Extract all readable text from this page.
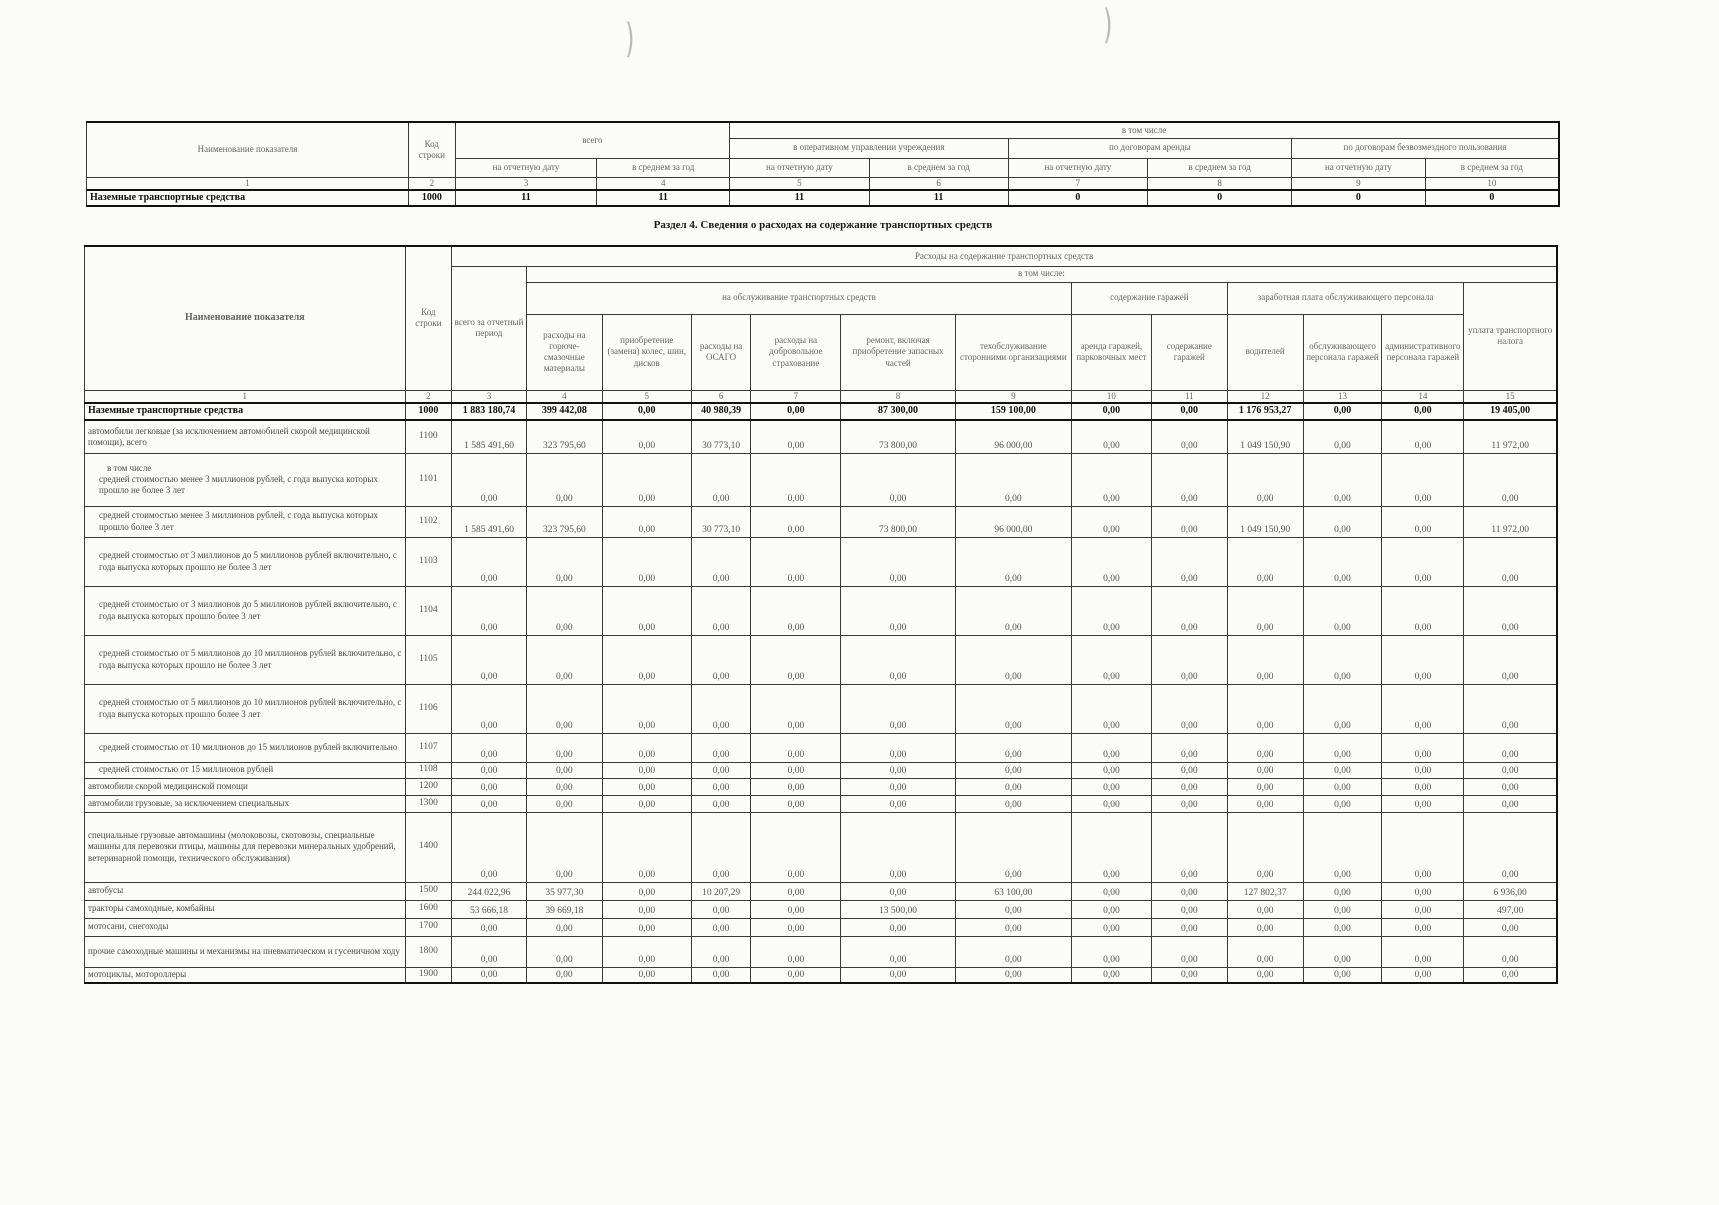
)	)
Наименование показателя	Код строки	всего		в том числе					
				в оперативном управлении учреждения		по договорам аренды		по договорам безвозмездного пользования	
		на отчетную дату	в среднем за год	на отчетную дату	в среднем за год	на отчетную дату	в среднем за год	на отчетную дату	в среднем за год
1	2	3	4	5	6	7	8	9	10
Наземные транспортные средства	1000	11	11	11	11	0	0	0	0
Раздел 4. Сведения о расходах на содержание транспортных средств
Наименование показателя	Код строки	Расходы на содержание транспортных средств												
		всего за отчетный период	в том числе:											
			на обслуживание транспортных средств						содержание гаражей		заработная плата обслуживающего персонала			уплата транспортного налога
			расходы на горюче-смазочные материалы	приобретение (замена) колес, шин, дисков	расходы на ОСАГО	расходы на добровольное страхование	ремонт, включая приобретение запасных частей	техобслуживание сторонними организациями	аренда гаражей, парковочных мест	содержание гаражей	водителей	обслуживающего персонала гаражей	административного персонала гаражей	
1	2	3	4	5	6	7	8	9	10	11	12	13	14	15
Наземные транспортные средства	1000	1 883 180,74	399 442,08	0,00	40 980,39	0,00	87 300,00	159 100,00	0,00	0,00	1 176 953,27	0,00	0,00	19 405,00
автомобили легковые (за исключением автомобилей скорой медицинской помощи), всего	1100	1 585 491,60	323 795,60	0,00	30 773,10	0,00	73 800,00	96 000,00	0,00	0,00	1 049 150,90	0,00	0,00	11 972,00

в том числе
средней стоимостью менее 3 миллионов рублей, с года выпуска которых прошло не более 3 лет	1101	0,00	0,00	0,00	0,00	0,00	0,00	0,00	0,00	0,00	0,00	0,00	0,00	0,00
средней стоимостью менее 3 миллионов рублей, с года выпуска которых прошло более 3 лет	1102	1 585 491,60	323 795,60	0,00	30 773,10	0,00	73 800,00	96 000,00	0,00	0,00	1 049 150,90	0,00	0,00	11 972,00
средней стоимостью от 3 миллионов до 5 миллионов рублей включительно, с года выпуска которых прошло не более 3 лет	1103	0,00	0,00	0,00	0,00	0,00	0,00	0,00	0,00	0,00	0,00	0,00	0,00	0,00
средней стоимостью от 3 миллионов до 5 миллионов рублей включительно, с года выпуска которых прошло более 3 лет	1104	0,00	0,00	0,00	0,00	0,00	0,00	0,00	0,00	0,00	0,00	0,00	0,00	0,00
средней стоимостью от 5 миллионов до 10 миллионов рублей включительно, с года выпуска которых прошло не более 3 лет	1105	0,00	0,00	0,00	0,00	0,00	0,00	0,00	0,00	0,00	0,00	0,00	0,00	0,00
средней стоимостью от 5 миллионов до 10 миллионов рублей включительно, с года выпуска которых прошло более 3 лет	1106	0,00	0,00	0,00	0,00	0,00	0,00	0,00	0,00	0,00	0,00	0,00	0,00	0,00
средней стоимостью от 10 миллионов до 15 миллионов рублей включительно	1107	0,00	0,00	0,00	0,00	0,00	0,00	0,00	0,00	0,00	0,00	0,00	0,00	0,00
средней стоимостью от 15 миллионов рублей	1108	0,00	0,00	0,00	0,00	0,00	0,00	0,00	0,00	0,00	0,00	0,00	0,00	0,00
автомобили скорой медицинской помощи	1200	0,00	0,00	0,00	0,00	0,00	0,00	0,00	0,00	0,00	0,00	0,00	0,00	0,00
автомобили грузовые, за исключением специальных	1300	0,00	0,00	0,00	0,00	0,00	0,00	0,00	0,00	0,00	0,00	0,00	0,00	0,00
специальные грузовые автомашины (молоковозы, скотовозы, специальные машины для перевозки птицы, машины для перевозки минеральных удобрений, ветеринарной помощи, технического обслуживания)	1400	0,00	0,00	0,00	0,00	0,00	0,00	0,00	0,00	0,00	0,00	0,00	0,00	0,00
автобусы	1500	244 022,96	35 977,30	0,00	10 207,29	0,00	0,00	63 100,00	0,00	0,00	127 802,37	0,00	0,00	6 936,00
тракторы самоходные, комбайны	1600	53 666,18	39 669,18	0,00	0,00	0,00	13 500,00	0,00	0,00	0,00	0,00	0,00	0,00	497,00
мотосани, снегоходы	1700	0,00	0,00	0,00	0,00	0,00	0,00	0,00	0,00	0,00	0,00	0,00	0,00	0,00
прочие самоходные машины и механизмы на пневматическом и гусеничном ходу	1800	0,00	0,00	0,00	0,00	0,00	0,00	0,00	0,00	0,00	0,00	0,00	0,00	0,00
мотоциклы, мотороллеры	1900	0,00	0,00	0,00	0,00	0,00	0,00	0,00	0,00	0,00	0,00	0,00	0,00	0,00
